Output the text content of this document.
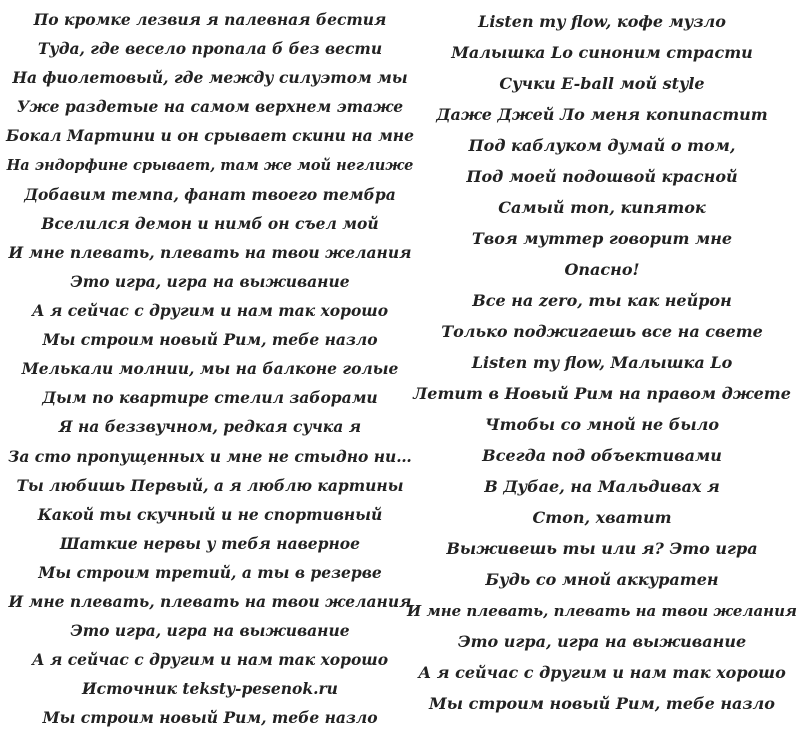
По кромке лезвия я палевная бестия
Туда, где весело пропала б без вести
На фиолетовый, где между силуэтом мы
Уже раздетые на самом верхнем этаже
Бокал Мартини и он срывает скини на мне
На эндорфине срывает, там же мой неглиже
Добавим темпа, фанат твоего тембра
Вселился демон и нимб он съел мой
И мне плевать, плевать на твои желания
Это игра, игра на выживание
А я сейчас с другим и нам так хорошо
Мы строим новый Рим, тебе назло
Мелькали молнии, мы на балконе голые
Дым по квартире стелил заборами
Я на беззвучном, редкая сучка я
За сто пропущенных и мне не стыдно ни…
Ты любишь Первый, а я люблю картины
Какой ты скучный и не спортивный
Шаткие нервы у тебя наверное
Мы строим третий, а ты в резерве
И мне плевать, плевать на твои желания
Это игра, игра на выживание
А я сейчас с другим и нам так хорошо
Источник teksty-pesenok.ru
Мы строим новый Рим, тебе назло
Listen my flow, кофе музло
Малышка Lo синоним страсти
Сучки E-ball мой style
Даже Джей Ло меня копипастит
Под каблуком думай о том,
Под моей подошвой красной
Самый топ, кипяток
Твоя муттер говорит мне
Опасно!
Все на zero, ты как нейрон
Только поджигаешь все на свете
Listen my flow, Малышка Lo
Летит в Новый Рим на правом джете
Чтобы со мной не было
Всегда под объективами
В Дубае, на Мальдивах я
Стоп, хватит
Выживешь ты или я? Это игра
Будь со мной аккуратен
И мне плевать, плевать на твои желания
Это игра, игра на выживание
А я сейчас с другим и нам так хорошо
Мы строим новый Рим, тебе назло
